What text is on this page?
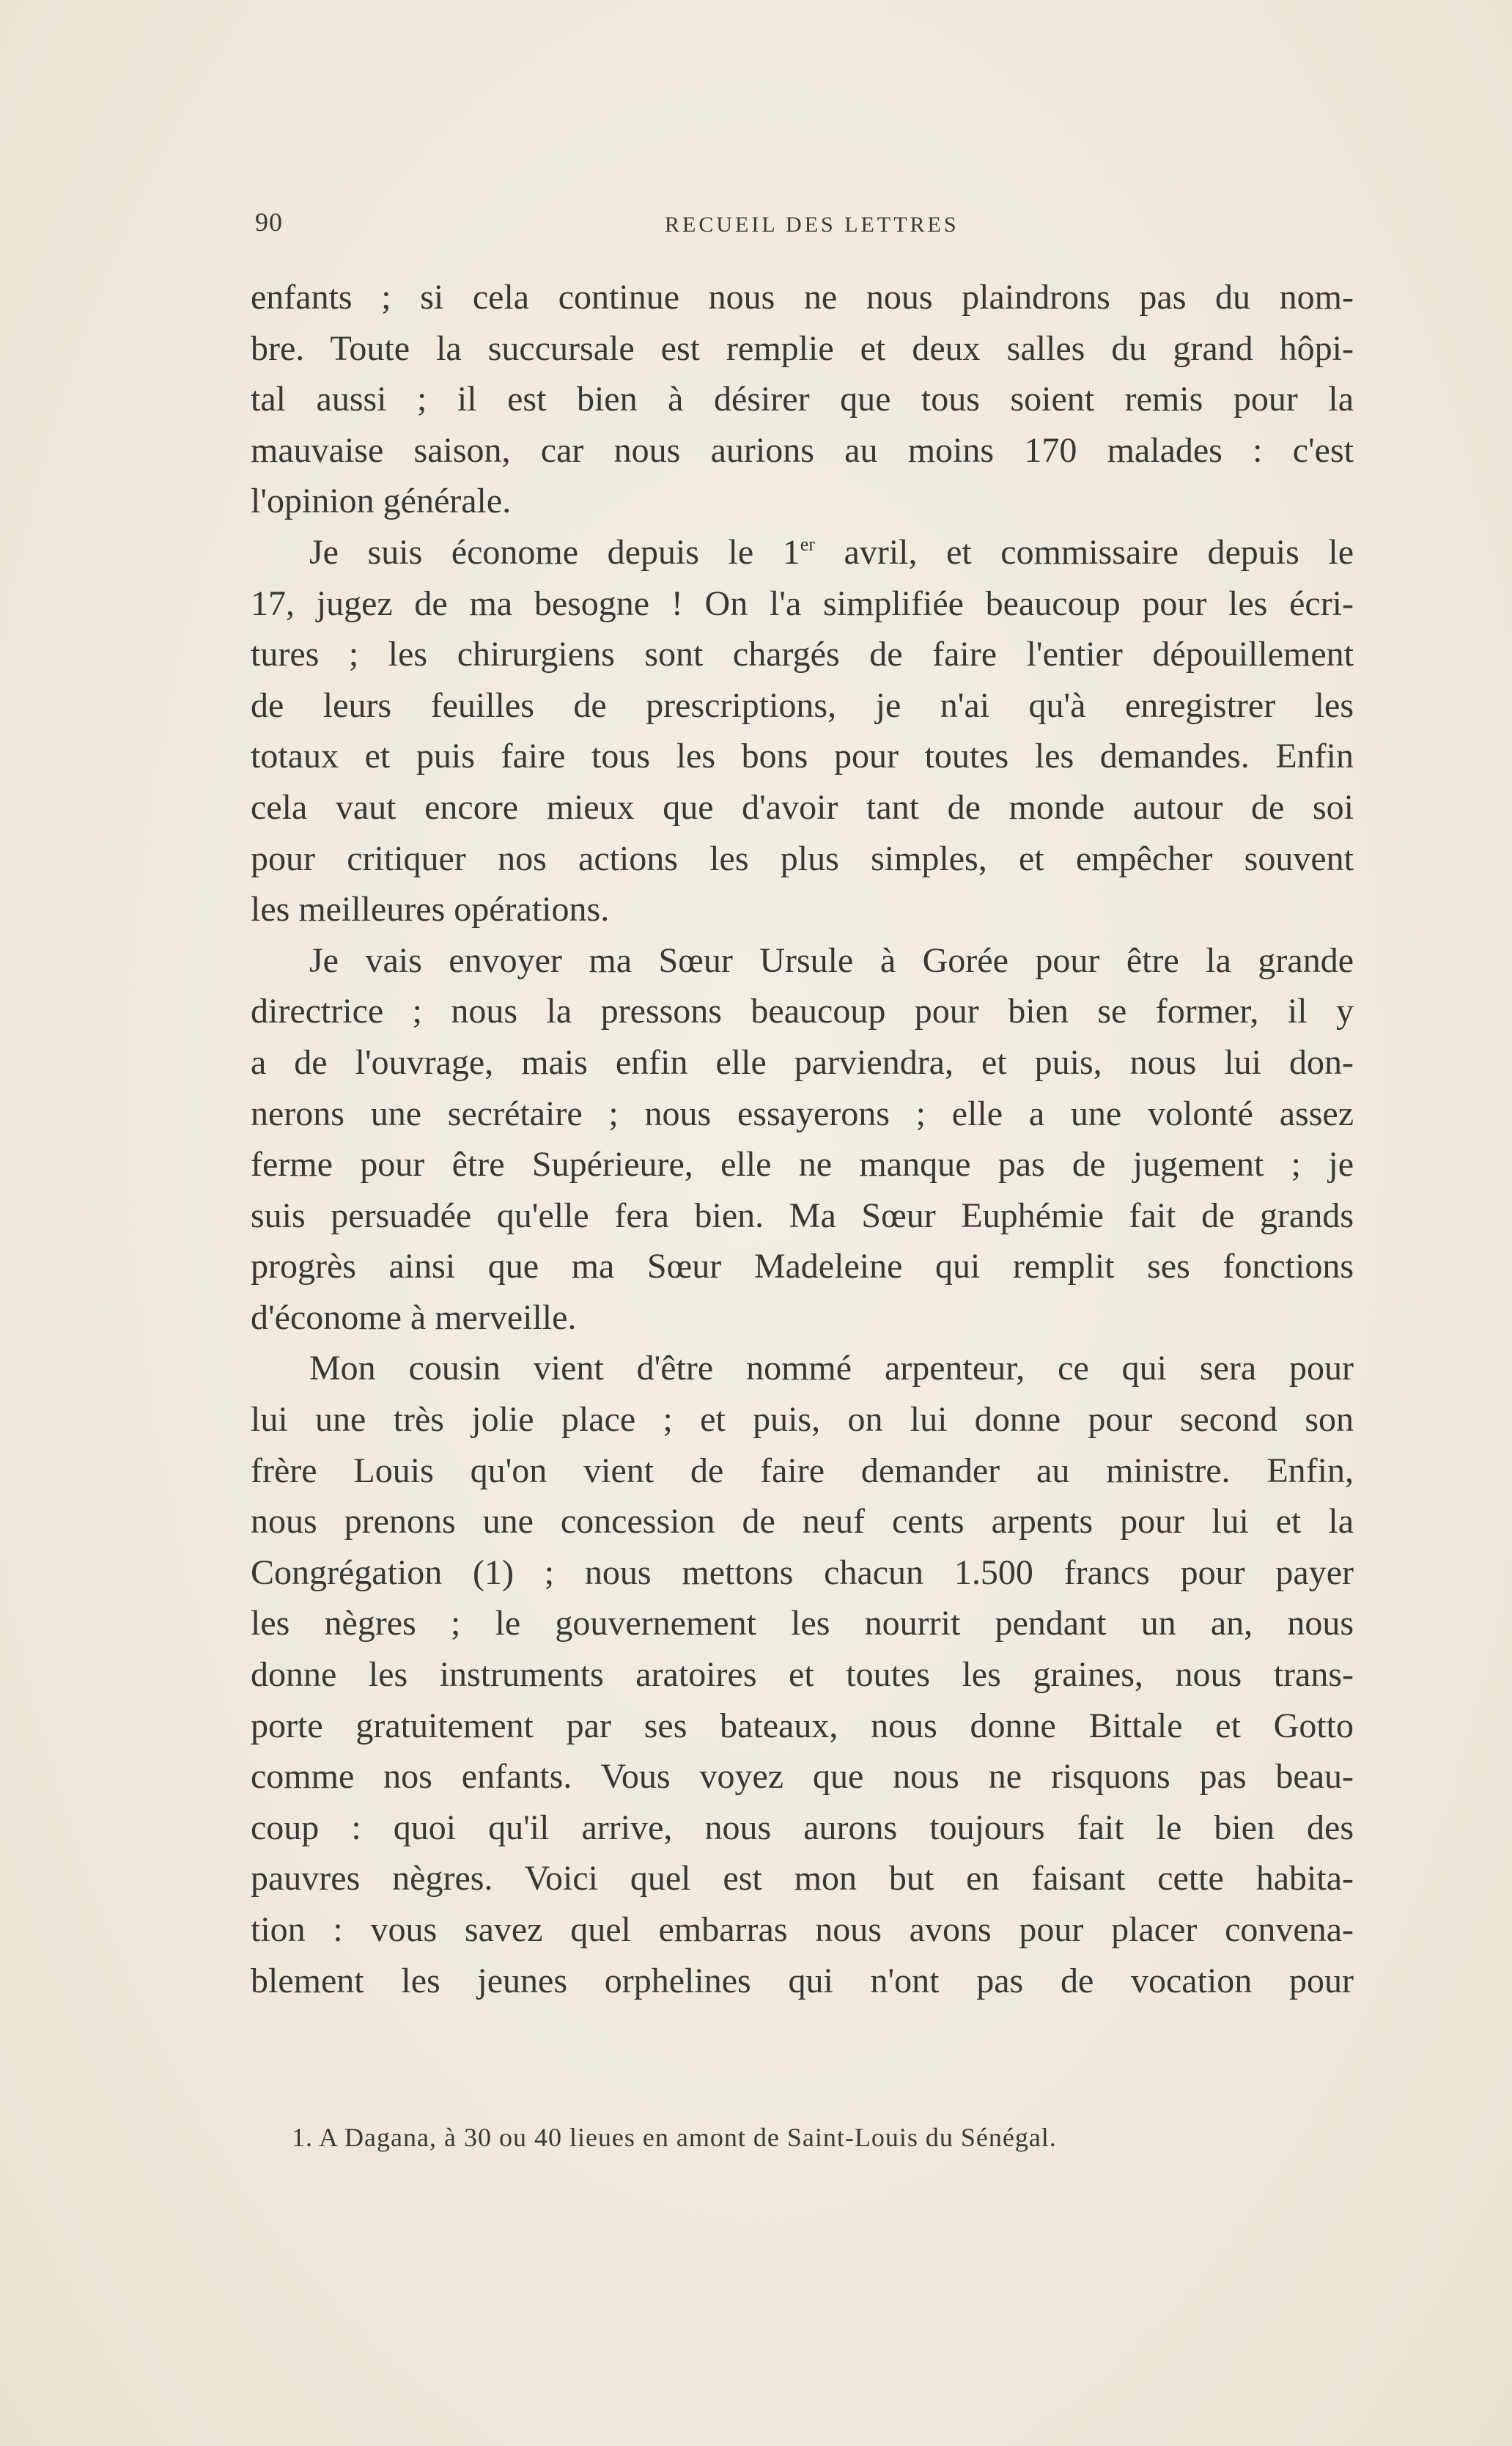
90	RECUEIL DES LETTRES
enfants ; si cela continue nous ne nous plaindrons pas du nom-
bre. Toute la succursale est remplie et deux salles du grand hôpi-
tal aussi ; il est bien à désirer que tous soient remis pour la
mauvaise saison, car nous aurions au moins 170 malades : c'est
l'opinion générale.
Je suis économe depuis le 1er avril, et commissaire depuis le
17, jugez de ma besogne ! On l'a simplifiée beaucoup pour les écri-
tures ; les chirurgiens sont chargés de faire l'entier dépouillement
de leurs feuilles de prescriptions, je n'ai qu'à enregistrer les
totaux et puis faire tous les bons pour toutes les demandes. Enfin
cela vaut encore mieux que d'avoir tant de monde autour de soi
pour critiquer nos actions les plus simples, et empêcher souvent
les meilleures opérations.
Je vais envoyer ma Sœur Ursule à Gorée pour être la grande
directrice ; nous la pressons beaucoup pour bien se former, il y
a de l'ouvrage, mais enfin elle parviendra, et puis, nous lui don-
nerons une secrétaire ; nous essayerons ; elle a une volonté assez
ferme pour être Supérieure, elle ne manque pas de jugement ; je
suis persuadée qu'elle fera bien. Ma Sœur Euphémie fait de grands
progrès ainsi que ma Sœur Madeleine qui remplit ses fonctions
d'économe à merveille.
Mon cousin vient d'être nommé arpenteur, ce qui sera pour
lui une très jolie place ; et puis, on lui donne pour second son
frère Louis qu'on vient de faire demander au ministre. Enfin,
nous prenons une concession de neuf cents arpents pour lui et la
Congrégation (1) ; nous mettons chacun 1.500 francs pour payer
les nègres ; le gouvernement les nourrit pendant un an, nous
donne les instruments aratoires et toutes les graines, nous trans-
porte gratuitement par ses bateaux, nous donne Bittale et Gotto
comme nos enfants. Vous voyez que nous ne risquons pas beau-
coup : quoi qu'il arrive, nous aurons toujours fait le bien des
pauvres nègres. Voici quel est mon but en faisant cette habita-
tion : vous savez quel embarras nous avons pour placer convena-
blement les jeunes orphelines qui n'ont pas de vocation pour
1. A Dagana, à 30 ou 40 lieues en amont de Saint-Louis du Sénégal.
